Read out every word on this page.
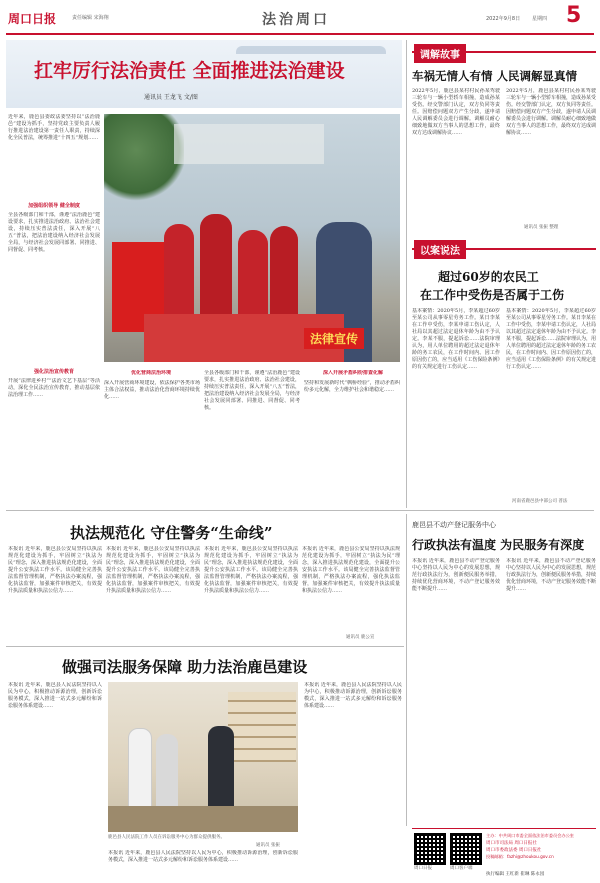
周口日报	责任编辑 宋海翔	法治周口	2022年9月8日 星期四 5
扛牢厉行法治责任 全面推进法治建设
通讯员 王龙飞 文/图
近年来，鹿邑县委政法委坚持以“法治鹿邑”建设为抓手，坚持党政主要负责人履行推进法治建设第一责任人职责，持续深化全民普法，统筹推进“十四五”规划……
加强组织领导 健全制度
全县各级部门和干部，谨遵“法治鹿邑”建设要求，扎实推进法治政府、法治社会建设，持续压实普法责任，深入开展“八五”普法，把法治建设纳入经济社会发展全局，与经济社会发展同部署、同推进、同督促、同考核。
强化法治宣传教育
开展“法律进乡村”“法治文艺下基层”等活动，深化全民法治宣传教育，推动基层依法治理工作……
法律宣传
优化营商法治环境
深入开展营商环境建设，依法保护各类市场主体合法权益，推动法治化营商环境持续优化……
全县各级部门和干部，谨遵“法治鹿邑”建设要求，扎实推进法治政府、法治社会建设，持续压实普法责任，深入开展“八五”普法，把法治建设纳入经济社会发展全局，与经济社会发展同部署、同推进、同督促、同考核。
深入开展矛盾纠纷排查化解
坚持和发展新时代“枫桥经验”，推动矛盾纠纷多元化解，全力维护社会和谐稳定……
调解故事
车祸无情人有情 人民调解显真情
2022年5月，鹿邑县某村村民孙某驾驶三轮车与一辆小型轿车相撞，造成孙某受伤。经交警部门认定，双方负同等责任。因赔偿问题双方产生分歧，遂申请人民调解委员会进行调解。调解员耐心细致地做双方当事人的思想工作，最终双方达成调解协议……
2022年5月，鹿邑县某村村民孙某驾驶三轮车与一辆小型轿车相撞，造成孙某受伤。经交警部门认定，双方负同等责任。因赔偿问题双方产生分歧，遂申请人民调解委员会进行调解。调解员耐心细致地做双方当事人的思想工作，最终双方达成调解协议……
通讯员 张振 整理
以案说法
超过60岁的农民工
在工作中受伤是否属于工伤
基本案情：2020年5月，李某超过60岁至某公司从事零星劳务工作。某日李某在工作中受伤，李某申请工伤认定，人社局以其超过法定退休年龄为由不予认定。李某不服，提起诉讼……法院审理认为，用人单位聘用的超过法定退休年龄的务工农民，在工作时间内、因工作原因伤亡的，应当适用《工伤保险条例》的有关规定进行工伤认定……
基本案情：2020年5月，李某超过60岁至某公司从事零星劳务工作。某日李某在工作中受伤，李某申请工伤认定，人社局以其超过法定退休年龄为由不予认定。李某不服，提起诉讼……法院审理认为，用人单位聘用的超过法定退休年龄的务工农民，在工作时间内、因工作原因伤亡的，应当适用《工伤保险条例》的有关规定进行工伤认定……
河南省鹿邑县中部公司 普法
执法规范化 守住警务“生命线”
本报讯 近年来，鹿邑县公安局坚持以执法规范化建设为抓手，牢固树立“执法为民”理念，深入推进执法规范化建设，全面提升公安执法工作水平。该局健全完善执法监督管理机制，严格执法办案流程，强化执法监督，加强案件审核把关，有效提升执法质量和执法公信力……
本报讯 近年来，鹿邑县公安局坚持以执法规范化建设为抓手，牢固树立“执法为民”理念，深入推进执法规范化建设，全面提升公安执法工作水平。该局健全完善执法监督管理机制，严格执法办案流程，强化执法监督，加强案件审核把关，有效提升执法质量和执法公信力……
本报讯 近年来，鹿邑县公安局坚持以执法规范化建设为抓手，牢固树立“执法为民”理念，深入推进执法规范化建设，全面提升公安执法工作水平。该局健全完善执法监督管理机制，严格执法办案流程，强化执法监督，加强案件审核把关，有效提升执法质量和执法公信力……
本报讯 近年来，鹿邑县公安局坚持以执法规范化建设为抓手，牢固树立“执法为民”理念，深入推进执法规范化建设，全面提升公安执法工作水平。该局健全完善执法监督管理机制，严格执法办案流程，强化执法监督，加强案件审核把关，有效提升执法质量和执法公信力……
通讯员 鹿公宣
做强司法服务保障 助力法治鹿邑建设
本报讯 近年来，鹿邑县人民法院坚持以人民为中心，积极推动诉源治理，创新诉讼服务模式，深入推进一站式多元解纷和诉讼服务体系建设……
鹿邑县人民法院工作人员在诉讼服务中心为群众提供服务。
通讯员 张振
本报讯 近年来，鹿邑县人民法院坚持以人民为中心，积极推动诉源治理，创新诉讼服务模式，深入推进一站式多元解纷和诉讼服务体系建设……
本报讯 近年来，鹿邑县人民法院坚持以人民为中心，积极推动诉源治理，创新诉讼服务模式，深入推进一站式多元解纷和诉讼服务体系建设……
鹿邑县不动产登记服务中心
行政执法有温度 为民服务有深度
本报讯 近年来，鹿邑县不动产登记服务中心坚持以人民为中心的发展思想，规范行政执法行为，创新便民服务举措，持续优化营商环境，不动产登记服务效能不断提升……
本报讯 近年来，鹿邑县不动产登记服务中心坚持以人民为中心的发展思想，规范行政执法行为，创新便民服务举措，持续优化营商环境，不动产登记服务效能不断提升……
周口日报	周口客户端
主办：中共周口市委全面依法治市委员会办公室
周口市司法局 周口日报社
周口市委政法委 周口日报社
投稿邮箱：fazhi@zhoukou.gov.cn
执行编辑 王红新 崔琳 陈永园
